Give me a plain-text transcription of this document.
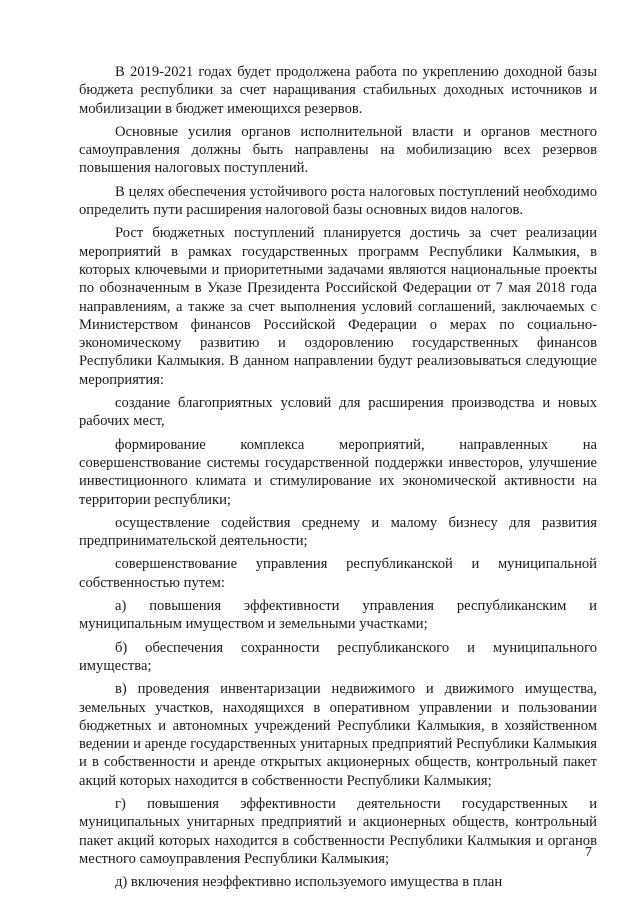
В 2019-2021 годах будет продолжена работа по укреплению доходной базы бюджета республики за счет наращивания стабильных доходных источников и мобилизации в бюджет имеющихся резервов.

Основные усилия органов исполнительной власти и органов местного самоуправления должны быть направлены на мобилизацию всех резервов повышения налоговых поступлений.

В целях обеспечения устойчивого роста налоговых поступлений необходимо определить пути расширения налоговой базы основных видов налогов.

Рост бюджетных поступлений планируется достичь за счет реализации мероприятий в рамках государственных программ Республики Калмыкия, в которых ключевыми и приоритетными задачами являются национальные проекты по обозначенным в Указе Президента Российской Федерации от 7 мая 2018 года направлениям, а также за счет выполнения условий соглашений, заключаемых с Министерством финансов Российской Федерации о мерах по социально-экономическому развитию и оздоровлению государственных финансов Республики Калмыкия. В данном направлении будут реализовываться следующие мероприятия:

создание благоприятных условий для расширения производства и новых рабочих мест,

формирование комплекса мероприятий, направленных на совершенствование системы государственной поддержки инвесторов, улучшение инвестиционного климата и стимулирование их экономической активности на территории республики;

осуществление содействия среднему и малому бизнесу для развития предпринимательской деятельности;

совершенствование управления республиканской и муниципальной собственностью путем:

а) повышения эффективности управления республиканским и муниципальным имуществом и земельными участками;

б) обеспечения сохранности республиканского и муниципального имущества;

в) проведения инвентаризации недвижимого и движимого имущества, земельных участков, находящихся в оперативном управлении и пользовании бюджетных и автономных учреждений Республики Калмыкия, в хозяйственном ведении и аренде государственных унитарных предприятий Республики Калмыкия и в собственности и аренде открытых акционерных обществ, контрольный пакет акций которых находится в собственности Республики Калмыкия;

г) повышения эффективности деятельности государственных и муниципальных унитарных предприятий и акционерных обществ, контрольный пакет акций которых находится в собственности Республики Калмыкия и органов местного самоуправления Республики Калмыкия;

д) включения неэффективно используемого имущества в план

7
